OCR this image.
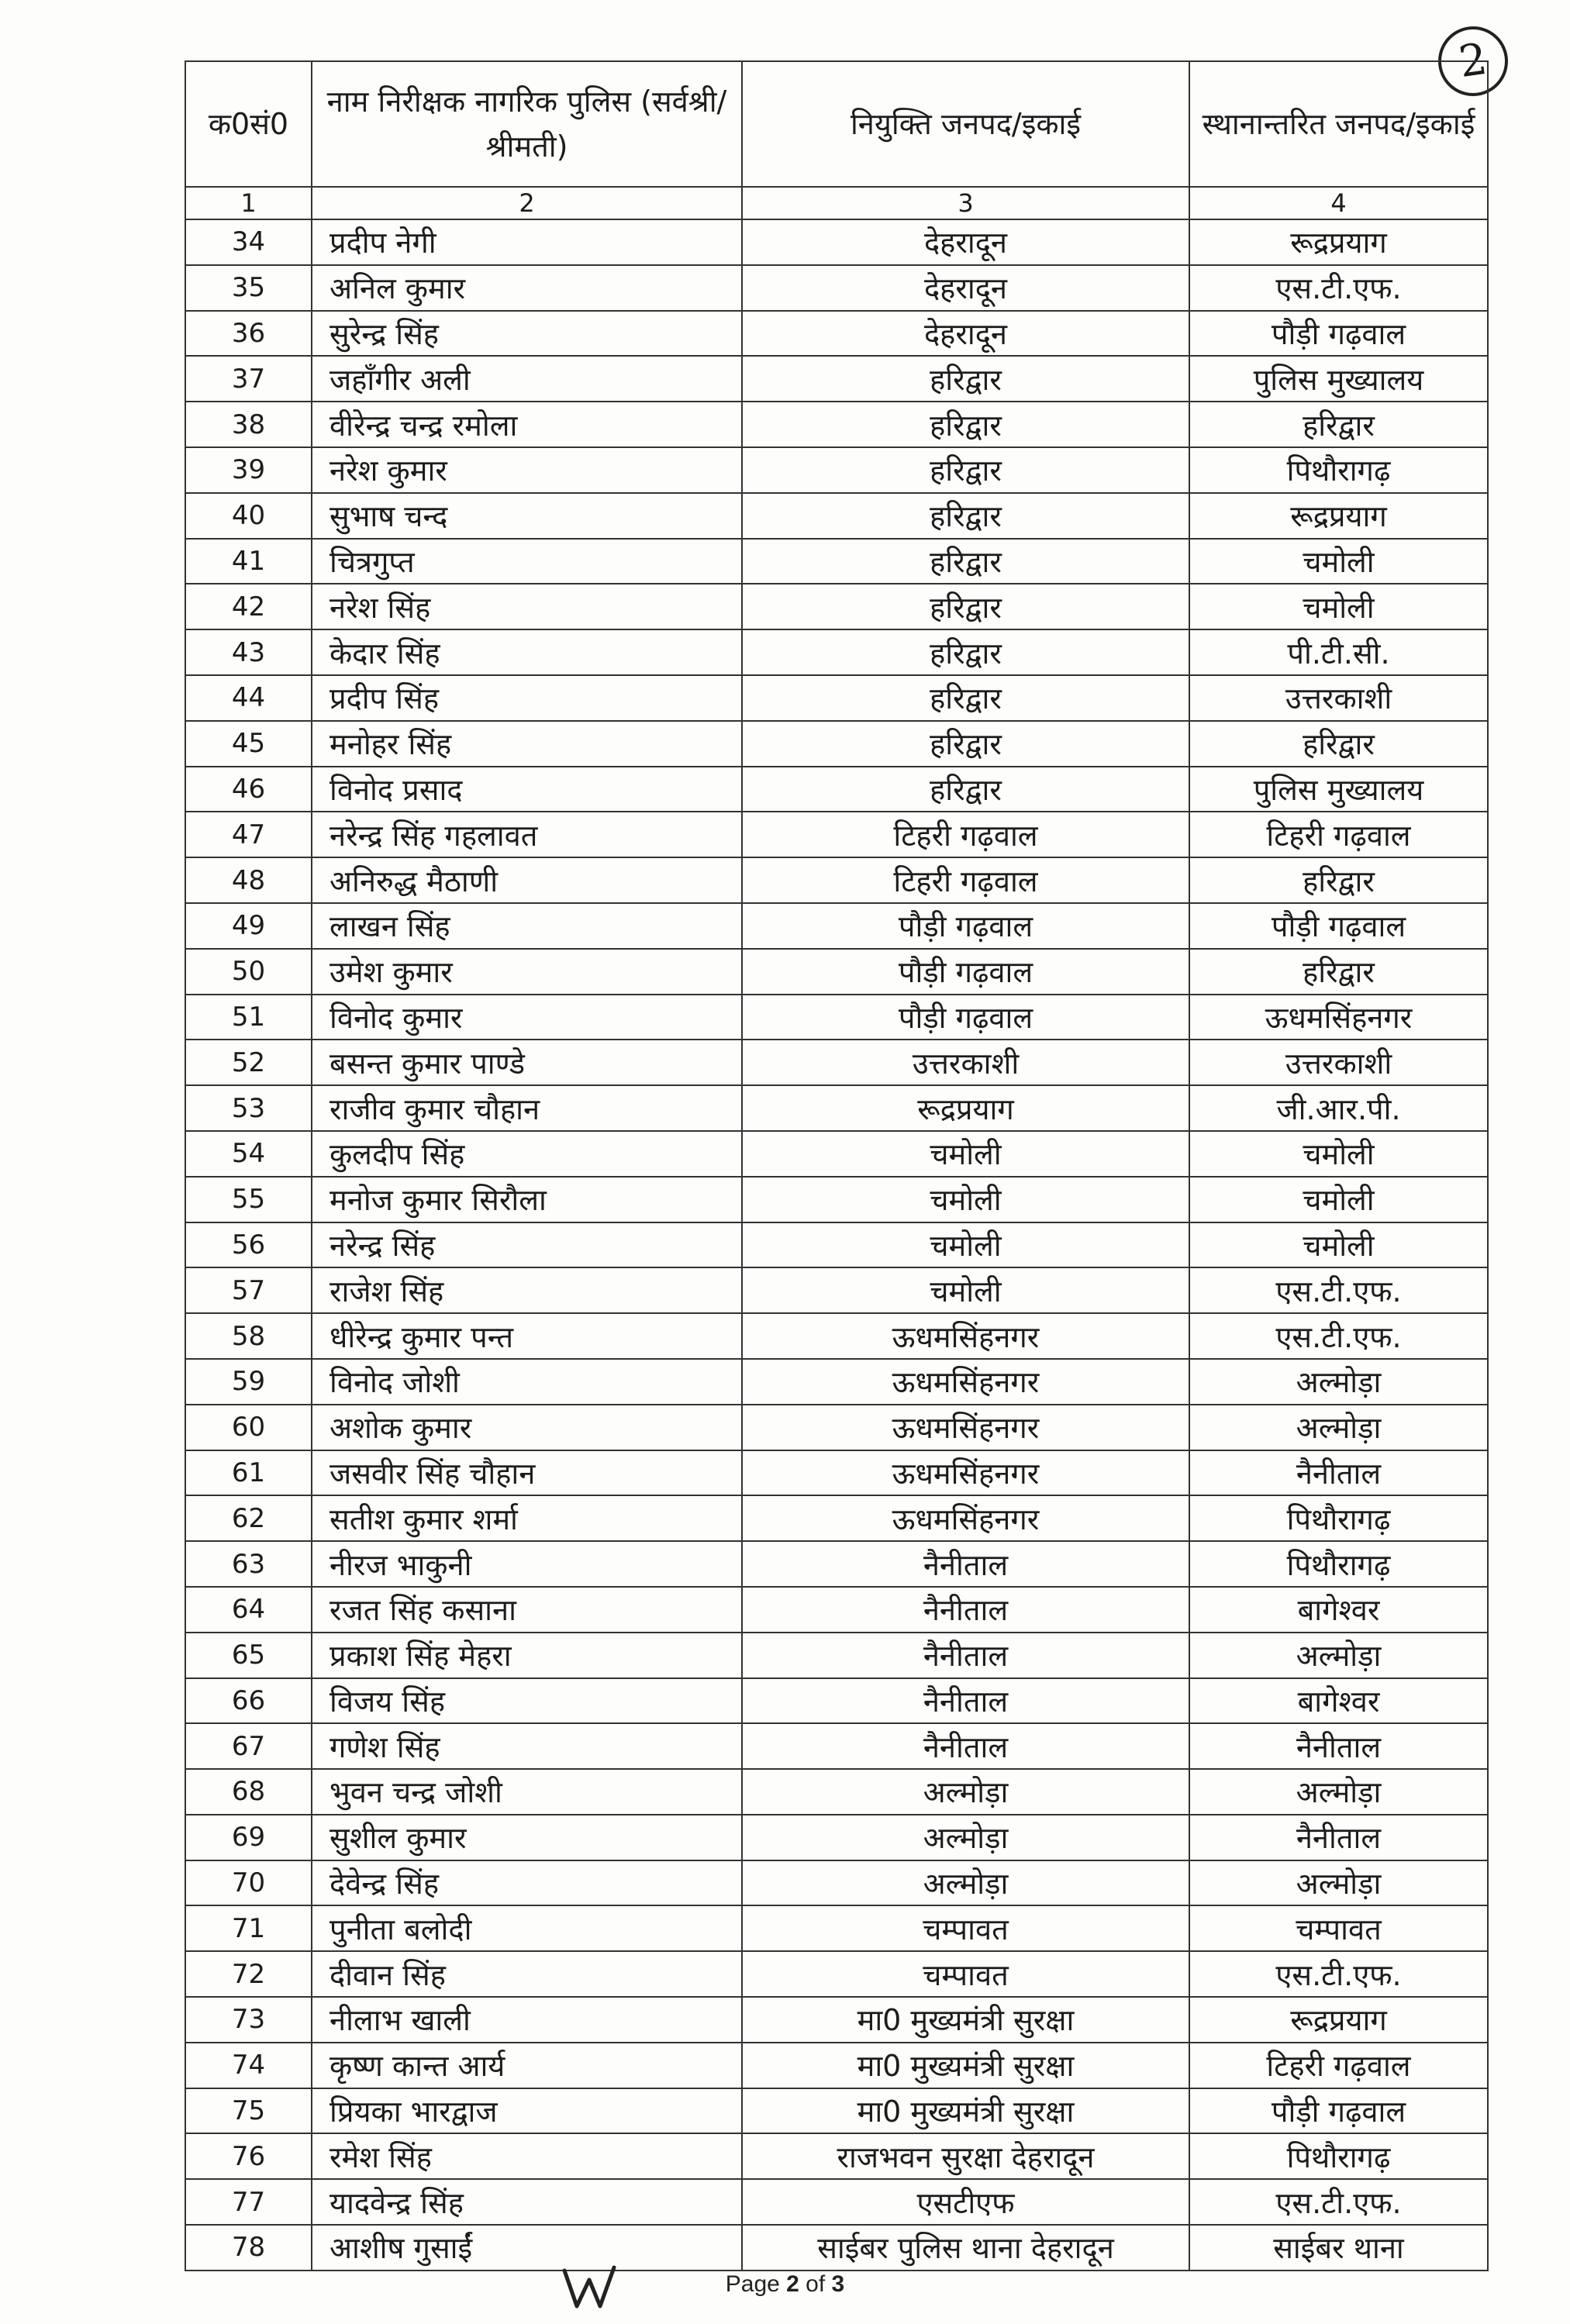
2
क0सं0	नाम निरीक्षक नागरिक पुलिस (सर्वश्री/श्रीमती)	नियुक्ति जनपद/इकाई	स्थानान्तरित जनपद/इकाई
1	2	3	4
34	प्रदीप नेगी	देहरादून	रूद्रप्रयाग
35	अनिल कुमार	देहरादून	एस.टी.एफ.
36	सुरेन्द्र सिंह	देहरादून	पौड़ी गढ़वाल
37	जहाँगीर अली	हरिद्वार	पुलिस मुख्यालय
38	वीरेन्द्र चन्द्र रमोला	हरिद्वार	हरिद्वार
39	नरेश कुमार	हरिद्वार	पिथौरागढ़
40	सुभाष चन्द	हरिद्वार	रूद्रप्रयाग
41	चित्रगुप्त	हरिद्वार	चमोली
42	नरेश सिंह	हरिद्वार	चमोली
43	केदार सिंह	हरिद्वार	पी.टी.सी.
44	प्रदीप सिंह	हरिद्वार	उत्तरकाशी
45	मनोहर सिंह	हरिद्वार	हरिद्वार
46	विनोद प्रसाद	हरिद्वार	पुलिस मुख्यालय
47	नरेन्द्र सिंह गहलावत	टिहरी गढ़वाल	टिहरी गढ़वाल
48	अनिरुद्ध मैठाणी	टिहरी गढ़वाल	हरिद्वार
49	लाखन सिंह	पौड़ी गढ़वाल	पौड़ी गढ़वाल
50	उमेश कुमार	पौड़ी गढ़वाल	हरिद्वार
51	विनोद कुमार	पौड़ी गढ़वाल	ऊधमसिंहनगर
52	बसन्त कुमार पाण्डे	उत्तरकाशी	उत्तरकाशी
53	राजीव कुमार चौहान	रूद्रप्रयाग	जी.आर.पी.
54	कुलदीप सिंह	चमोली	चमोली
55	मनोज कुमार सिरौला	चमोली	चमोली
56	नरेन्द्र सिंह	चमोली	चमोली
57	राजेश सिंह	चमोली	एस.टी.एफ.
58	धीरेन्द्र कुमार पन्त	ऊधमसिंहनगर	एस.टी.एफ.
59	विनोद जोशी	ऊधमसिंहनगर	अल्मोड़ा
60	अशोक कुमार	ऊधमसिंहनगर	अल्मोड़ा
61	जसवीर सिंह चौहान	ऊधमसिंहनगर	नैनीताल
62	सतीश कुमार शर्मा	ऊधमसिंहनगर	पिथौरागढ़
63	नीरज भाकुनी	नैनीताल	पिथौरागढ़
64	रजत सिंह कसाना	नैनीताल	बागेश्वर
65	प्रकाश सिंह मेहरा	नैनीताल	अल्मोड़ा
66	विजय सिंह	नैनीताल	बागेश्वर
67	गणेश सिंह	नैनीताल	नैनीताल
68	भुवन चन्द्र जोशी	अल्मोड़ा	अल्मोड़ा
69	सुशील कुमार	अल्मोड़ा	नैनीताल
70	देवेन्द्र सिंह	अल्मोड़ा	अल्मोड़ा
71	पुनीता बलोदी	चम्पावत	चम्पावत
72	दीवान सिंह	चम्पावत	एस.टी.एफ.
73	नीलाभ खाली	मा0 मुख्यमंत्री सुरक्षा	रूद्रप्रयाग
74	कृष्ण कान्त आर्य	मा0 मुख्यमंत्री सुरक्षा	टिहरी गढ़वाल
75	प्रियका भारद्वाज	मा0 मुख्यमंत्री सुरक्षा	पौड़ी गढ़वाल
76	रमेश सिंह	राजभवन सुरक्षा देहरादून	पिथौरागढ़
77	यादवेन्द्र सिंह	एसटीएफ	एस.टी.एफ.
78	आशीष गुसाईं	साईबर पुलिस थाना देहरादून	साईबर थाना
Page 2 of 3
